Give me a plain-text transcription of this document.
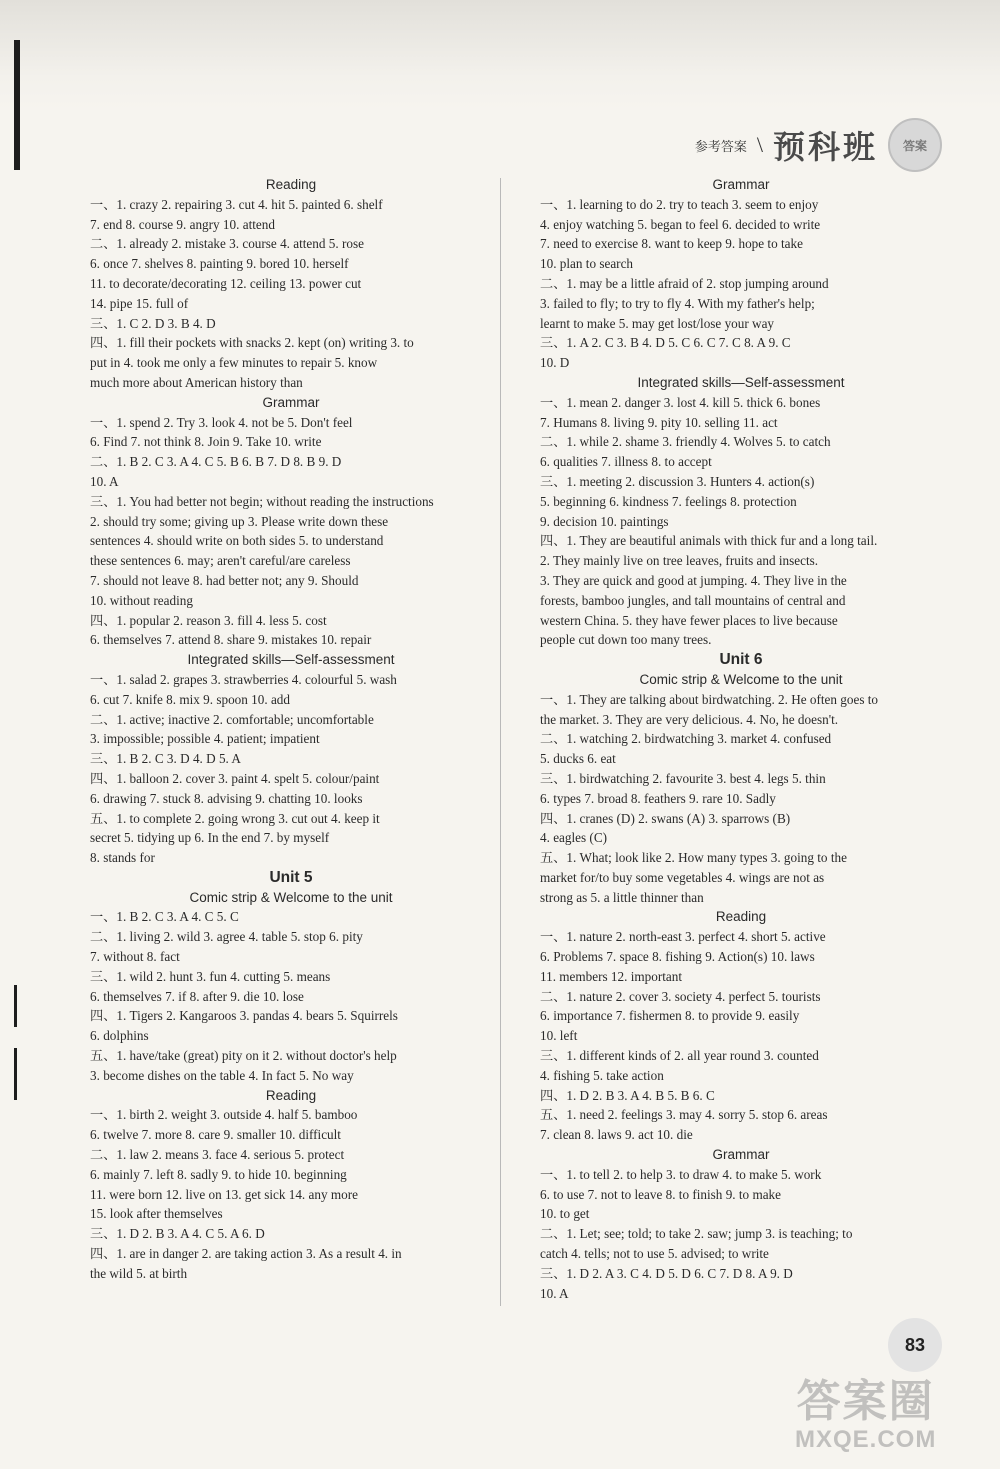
参考答案 \ 预科班	答案

Reading

一、1. crazy 2. repairing 3. cut 4. hit 5. painted 6. shelf

7. end 8. course 9. angry 10. attend

二、1. already 2. mistake 3. course 4. attend 5. rose

6. once 7. shelves 8. painting 9. bored 10. herself

11. to decorate/decorating 12. ceiling 13. power cut

14. pipe 15. full of

三、1. C 2. D 3. B 4. D

四、1. fill their pockets with snacks 2. kept (on) writing 3. to

put in 4. took me only a few minutes to repair 5. know

much more about American history than

Grammar

一、1. spend 2. Try 3. look 4. not be 5. Don't feel

6. Find 7. not think 8. Join 9. Take 10. write

二、1. B 2. C 3. A 4. C 5. B 6. B 7. D 8. B 9. D

10. A

三、1. You had better not begin; without reading the instructions

2. should try some; giving up 3. Please write down these

sentences 4. should write on both sides 5. to understand

these sentences 6. may; aren't careful/are careless

7. should not leave 8. had better not; any 9. Should

10. without reading

四、1. popular 2. reason 3. fill 4. less 5. cost

6. themselves 7. attend 8. share 9. mistakes 10. repair

Integrated skills—Self-assessment

一、1. salad 2. grapes 3. strawberries 4. colourful 5. wash

6. cut 7. knife 8. mix 9. spoon 10. add

二、1. active; inactive 2. comfortable; uncomfortable

3. impossible; possible 4. patient; impatient

三、1. B 2. C 3. D 4. D 5. A

四、1. balloon 2. cover 3. paint 4. spelt 5. colour/paint

6. drawing 7. stuck 8. advising 9. chatting 10. looks

五、1. to complete 2. going wrong 3. cut out 4. keep it

secret 5. tidying up 6. In the end 7. by myself

8. stands for

Unit 5

Comic strip & Welcome to the unit

一、1. B 2. C 3. A 4. C 5. C

二、1. living 2. wild 3. agree 4. table 5. stop 6. pity

7. without 8. fact

三、1. wild 2. hunt 3. fun 4. cutting 5. means

6. themselves 7. if 8. after 9. die 10. lose

四、1. Tigers 2. Kangaroos 3. pandas 4. bears 5. Squirrels

6. dolphins

五、1. have/take (great) pity on it 2. without doctor's help

3. become dishes on the table 4. In fact 5. No way

Reading

一、1. birth 2. weight 3. outside 4. half 5. bamboo

6. twelve 7. more 8. care 9. smaller 10. difficult

二、1. law 2. means 3. face 4. serious 5. protect

6. mainly 7. left 8. sadly 9. to hide 10. beginning

11. were born 12. live on 13. get sick 14. any more

15. look after themselves

三、1. D 2. B 3. A 4. C 5. A 6. D

四、1. are in danger 2. are taking action 3. As a result 4. in

the wild 5. at birth

Grammar

一、1. learning to do 2. try to teach 3. seem to enjoy

4. enjoy watching 5. began to feel 6. decided to write

7. need to exercise 8. want to keep 9. hope to take

10. plan to search

二、1. may be a little afraid of 2. stop jumping around

3. failed to fly; to try to fly 4. With my father's help;

learnt to make 5. may get lost/lose your way

三、1. A 2. C 3. B 4. D 5. C 6. C 7. C 8. A 9. C

10. D

Integrated skills—Self-assessment

一、1. mean 2. danger 3. lost 4. kill 5. thick 6. bones

7. Humans 8. living 9. pity 10. selling 11. act

二、1. while 2. shame 3. friendly 4. Wolves 5. to catch

6. qualities 7. illness 8. to accept

三、1. meeting 2. discussion 3. Hunters 4. action(s)

5. beginning 6. kindness 7. feelings 8. protection

9. decision 10. paintings

四、1. They are beautiful animals with thick fur and a long tail.

2. They mainly live on tree leaves, fruits and insects.

3. They are quick and good at jumping. 4. They live in the

forests, bamboo jungles, and tall mountains of central and

western China. 5. they have fewer places to live because

people cut down too many trees.

Unit 6

Comic strip & Welcome to the unit

一、1. They are talking about birdwatching. 2. He often goes to

the market. 3. They are very delicious. 4. No, he doesn't.

二、1. watching 2. birdwatching 3. market 4. confused

5. ducks 6. eat

三、1. birdwatching 2. favourite 3. best 4. legs 5. thin

6. types 7. broad 8. feathers 9. rare 10. Sadly

四、1. cranes (D) 2. swans (A) 3. sparrows (B)

4. eagles (C)

五、1. What; look like 2. How many types 3. going to the

market for/to buy some vegetables 4. wings are not as

strong as 5. a little thinner than

Reading

一、1. nature 2. north-east 3. perfect 4. short 5. active

6. Problems 7. space 8. fishing 9. Action(s) 10. laws

11. members 12. important

二、1. nature 2. cover 3. society 4. perfect 5. tourists

6. importance 7. fishermen 8. to provide 9. easily

10. left

三、1. different kinds of 2. all year round 3. counted

4. fishing 5. take action

四、1. D 2. B 3. A 4. B 5. B 6. C

五、1. need 2. feelings 3. may 4. sorry 5. stop 6. areas

7. clean 8. laws 9. act 10. die

Grammar

一、1. to tell 2. to help 3. to draw 4. to make 5. work

6. to use 7. not to leave 8. to finish 9. to make

10. to get

二、1. Let; see; told; to take 2. saw; jump 3. is teaching; to

catch 4. tells; not to use 5. advised; to write

三、1. D 2. A 3. C 4. D 5. D 6. C 7. D 8. A 9. D

10. A

83
答案圈
MXQE.COM
